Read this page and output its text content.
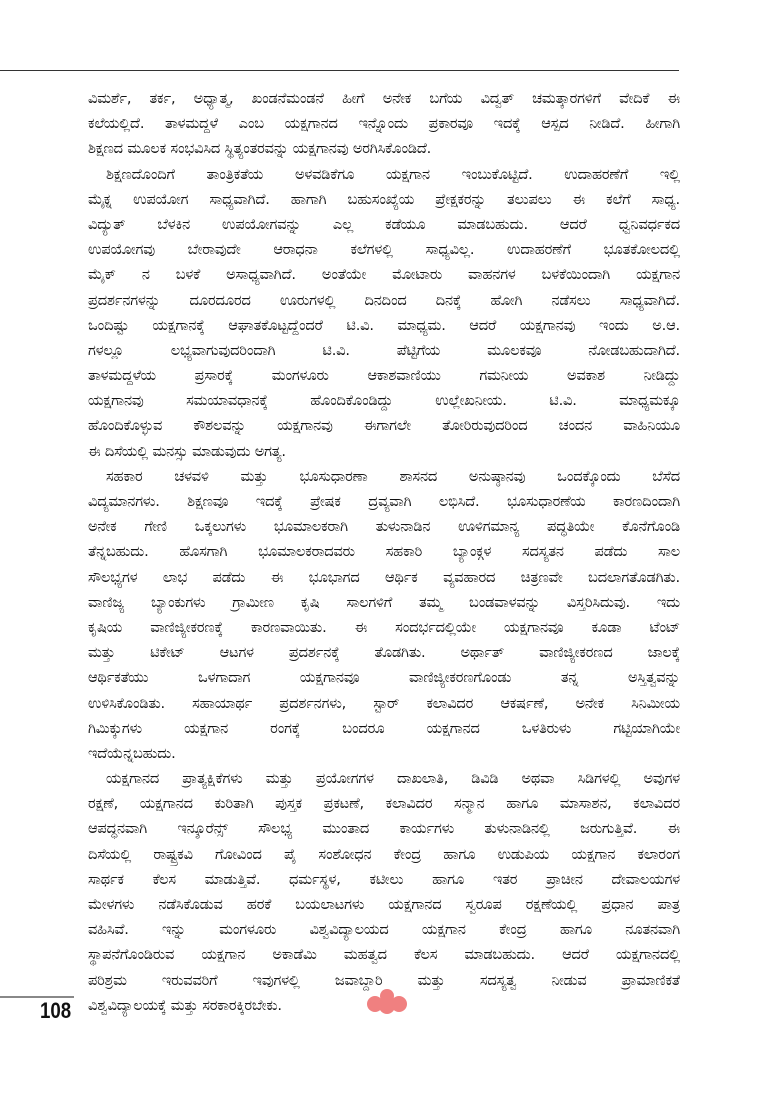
ವಿಮರ್ಶೆ, ತರ್ಕ, ಅಧ್ಯಾತ್ಮ, ಖಂಡನೆಮಂಡನೆ ಹೀಗೆ ಅನೇಕ ಬಗೆಯ ವಿದ್ವತ್ ಚಮತ್ಕಾರಗಳಿಗೆ ವೇದಿಕೆ ಈ
ಕಲೆಯಲ್ಲಿದೆ. ತಾಳಮದ್ದಳೆ ಎಂಬ ಯಕ್ಷಗಾನದ ಇನ್ನೊಂದು ಪ್ರಕಾರವೂ ಇದಕ್ಕೆ ಆಸ್ಪದ ನೀಡಿದೆ. ಹೀಗಾಗಿ
ಶಿಕ್ಷಣದ ಮೂಲಕ ಸಂಭವಿಸಿದ ಸ್ಥಿತ್ಯಂತರವನ್ನು ಯಕ್ಷಗಾನವು ಅರಗಿಸಿಕೊಂಡಿದೆ.
ಶಿಕ್ಷಣದೊಂದಿಗೆ ತಾಂತ್ರಿಕತೆಯ ಅಳವಡಿಕೆಗೂ ಯಕ್ಷಗಾನ ಇಂಬುಕೊಟ್ಟಿದೆ. ಉದಾಹರಣೆಗೆ ಇಲ್ಲಿ
ಮೈಕ್ನ ಉಪಯೋಗ ಸಾಧ್ಯವಾಗಿದೆ. ಹಾಗಾಗಿ ಬಹುಸಂಖ್ಯೆಯ ಪ್ರೇಕ್ಷಕರನ್ನು ತಲುಪಲು ಈ ಕಲೆಗೆ ಸಾಧ್ಯ.
ವಿದ್ಯುತ್ ಬೆಳಕಿನ ಉಪಯೋಗವನ್ನು ಎಲ್ಲ ಕಡೆಯೂ ಮಾಡಬಹುದು. ಆದರೆ ಧ್ವನಿವರ್ಧಕದ
ಉಪಯೋಗವು ಬೇರಾವುದೇ ಆರಾಧನಾ ಕಲೆಗಳಲ್ಲಿ ಸಾಧ್ಯವಿಲ್ಲ. ಉದಾಹರಣೆಗೆ ಭೂತಕೋಲದಲ್ಲಿ
ಮೈಕ್ ನ ಬಳಕೆ ಅಸಾಧ್ಯವಾಗಿದೆ. ಅಂತೆಯೇ ಮೋಟಾರು ವಾಹನಗಳ ಬಳಕೆಯಿಂದಾಗಿ ಯಕ್ಷಗಾನ
ಪ್ರದರ್ಶನಗಳನ್ನು ದೂರದೂರದ ಊರುಗಳಲ್ಲಿ ದಿನದಿಂದ ದಿನಕ್ಕೆ ಹೋಗಿ ನಡೆಸಲು ಸಾಧ್ಯವಾಗಿದೆ.
ಒಂದಿಷ್ಟು ಯಕ್ಷಗಾನಕ್ಕೆ ಆಘಾತಕೊಟ್ಟದ್ದೆಂದರೆ ಟಿ.ವಿ. ಮಾಧ್ಯಮ. ಆದರೆ ಯಕ್ಷಗಾನವು ಇಂದು ಅ.ಆ.
ಗಳಲ್ಲೂ ಲಭ್ಯವಾಗುವುದರಿಂದಾಗಿ ಟಿ.ವಿ. ಪೆಟ್ಟಿಗೆಯ ಮೂಲಕವೂ ನೋಡಬಹುದಾಗಿದೆ.
ತಾಳಮದ್ದಳೆಯ ಪ್ರಸಾರಕ್ಕೆ ಮಂಗಳೂರು ಆಕಾಶವಾಣಿಯು ಗಮನೀಯ ಅವಕಾಶ ನೀಡಿದ್ದು
ಯಕ್ಷಗಾನವು ಸಮಯಾವಧಾನಕ್ಕೆ ಹೊಂದಿಕೊಂಡಿದ್ದು ಉಲ್ಲೇಖನೀಯ. ಟಿ.ವಿ. ಮಾಧ್ಯಮಕ್ಕೂ
ಹೊಂದಿಕೊಳ್ಳುವ ಕೌಶಲವನ್ನು ಯಕ್ಷಗಾನವು ಈಗಾಗಲೇ ತೋರಿರುವುದರಿಂದ ಚಂದನ ವಾಹಿನಿಯೂ
ಈ ದಿಸೆಯಲ್ಲಿ ಮನಸ್ಸು ಮಾಡುವುದು ಅಗತ್ಯ.
ಸಹಕಾರ ಚಳವಳಿ ಮತ್ತು ಭೂಸುಧಾರಣಾ ಶಾಸನದ ಅನುಷ್ಠಾನವು ಒಂದಕ್ಕೊಂದು ಬೆಸೆದ
ವಿದ್ಯಮಾನಗಳು. ಶಿಕ್ಷಣವೂ ಇದಕ್ಕೆ ಪ್ರೇಷಕ ದ್ರವ್ಯವಾಗಿ ಲಭಿಸಿದೆ. ಭೂಸುಧಾರಣೆಯ ಕಾರಣದಿಂದಾಗಿ
ಅನೇಕ ಗೇಣಿ ಒಕ್ಕಲುಗಳು ಭೂಮಾಲಕರಾಗಿ ತುಳುನಾಡಿನ ಊಳಿಗಮಾನ್ಯ ಪದ್ಧತಿಯೇ ಕೊನೆಗೊಂಡಿ
ತೆನ್ನಬಹುದು. ಹೊಸಗಾಗಿ ಭೂಮಾಲಕರಾದವರು ಸಹಕಾರಿ ಬ್ಯಾಂಕ್ಗಳ ಸದಸ್ಯತನ ಪಡೆದು ಸಾಲ
ಸೌಲಭ್ಯಗಳ ಲಾಭ ಪಡೆದು ಈ ಭೂಭಾಗದ ಆರ್ಥಿಕ ವ್ಯವಹಾರದ ಚಿತ್ರಣವೇ ಬದಲಾಗತೊಡಗಿತು.
ವಾಣಿಜ್ಯ ಬ್ಯಾಂಕುಗಳು ಗ್ರಾಮೀಣ ಕೃಷಿ ಸಾಲಗಳಿಗೆ ತಮ್ಮ ಬಂಡವಾಳವನ್ನು ವಿಸ್ತರಿಸಿದುವು. ಇದು
ಕೃಷಿಯ ವಾಣಿಜ್ಯೀಕರಣಕ್ಕೆ ಕಾರಣವಾಯಿತು. ಈ ಸಂದರ್ಭದಲ್ಲಿಯೇ ಯಕ್ಷಗಾನವೂ ಕೂಡಾ ಟೆಂಟ್
ಮತ್ತು ಟಿಕೇಟ್ ಆಟಗಳ ಪ್ರದರ್ಶನಕ್ಕೆ ತೊಡಗಿತು. ಅರ್ಥಾತ್ ವಾಣಿಜ್ಯೀಕರಣದ ಜಾಲಕ್ಕೆ
ಆರ್ಥಿಕತೆಯು ಒಳಗಾದಾಗ ಯಕ್ಷಗಾನವೂ ವಾಣಿಜ್ಯೀಕರಣಗೊಂಡು ತನ್ನ ಅಸ್ತಿತ್ವವನ್ನು
ಉಳಿಸಿಕೊಂಡಿತು. ಸಹಾಯಾರ್ಥ ಪ್ರದರ್ಶನಗಳು, ಸ್ಟಾರ್ ಕಲಾವಿದರ ಆಕರ್ಷಣೆ, ಅನೇಕ ಸಿನಿಮೀಯ
ಗಿಮಿಕ್ಕುಗಳು ಯಕ್ಷಗಾನ ರಂಗಕ್ಕೆ ಬಂದರೂ ಯಕ್ಷಗಾನದ ಒಳತಿರುಳು ಗಟ್ಟಿಯಾಗಿಯೇ
ಇದೆಯೆನ್ನಬಹುದು.
ಯಕ್ಷಗಾನದ ಪ್ರಾತ್ಯಕ್ಷಿಕೆಗಳು ಮತ್ತು ಪ್ರಯೋಗಗಳ ದಾಖಲಾತಿ, ಡಿವಿಡಿ ಅಥವಾ ಸಿಡಿಗಳಲ್ಲಿ ಅವುಗಳ
ರಕ್ಷಣೆ, ಯಕ್ಷಗಾನದ ಕುರಿತಾಗಿ ಪುಸ್ತಕ ಪ್ರಕಟಣೆ, ಕಲಾವಿದರ ಸನ್ಮಾನ ಹಾಗೂ ಮಾಸಾಶನ, ಕಲಾವಿದರ
ಆಪದ್ಧನವಾಗಿ ಇನ್ಶೂರೆನ್ಸ್ ಸೌಲಭ್ಯ ಮುಂತಾದ ಕಾರ್ಯಗಳು ತುಳುನಾಡಿನಲ್ಲಿ ಜರುಗುತ್ತಿವೆ. ಈ
ದಿಸೆಯಲ್ಲಿ ರಾಷ್ಟ್ರಕವಿ ಗೋವಿಂದ ಪೈ ಸಂಶೋಧನ ಕೇಂದ್ರ ಹಾಗೂ ಉಡುಪಿಯ ಯಕ್ಷಗಾನ ಕಲಾರಂಗ
ಸಾರ್ಥಕ ಕೆಲಸ ಮಾಡುತ್ತಿವೆ. ಧರ್ಮಸ್ಥಳ, ಕಟೀಲು ಹಾಗೂ ಇತರ ಪ್ರಾಚೀನ ದೇವಾಲಯಗಳ
ಮೇಳಗಳು ನಡೆಸಿಕೊಡುವ ಹರಕೆ ಬಯಲಾಟಗಳು ಯಕ್ಷಗಾನದ ಸ್ವರೂಪ ರಕ್ಷಣೆಯಲ್ಲಿ ಪ್ರಧಾನ ಪಾತ್ರ
ವಹಿಸಿವೆ. ಇನ್ನು ಮಂಗಳೂರು ವಿಶ್ವವಿದ್ಯಾಲಯದ ಯಕ್ಷಗಾನ ಕೇಂದ್ರ ಹಾಗೂ ನೂತನವಾಗಿ
ಸ್ಥಾಪನೆಗೊಂಡಿರುವ ಯಕ್ಷಗಾನ ಅಕಾಡೆಮಿ ಮಹತ್ವದ ಕೆಲಸ ಮಾಡಬಹುದು. ಆದರೆ ಯಕ್ಷಗಾನದಲ್ಲಿ
ಪರಿಶ್ರಮ ಇರುವವರಿಗೆ ಇವುಗಳಲ್ಲಿ ಜವಾಬ್ದಾರಿ ಮತ್ತು ಸದಸ್ಯತ್ವ ನೀಡುವ ಪ್ರಾಮಾಣಿಕತೆ
ವಿಶ್ವವಿದ್ಯಾಲಯಕ್ಕೆ ಮತ್ತು ಸರಕಾರಕ್ಕಿರಬೇಕು.
108
